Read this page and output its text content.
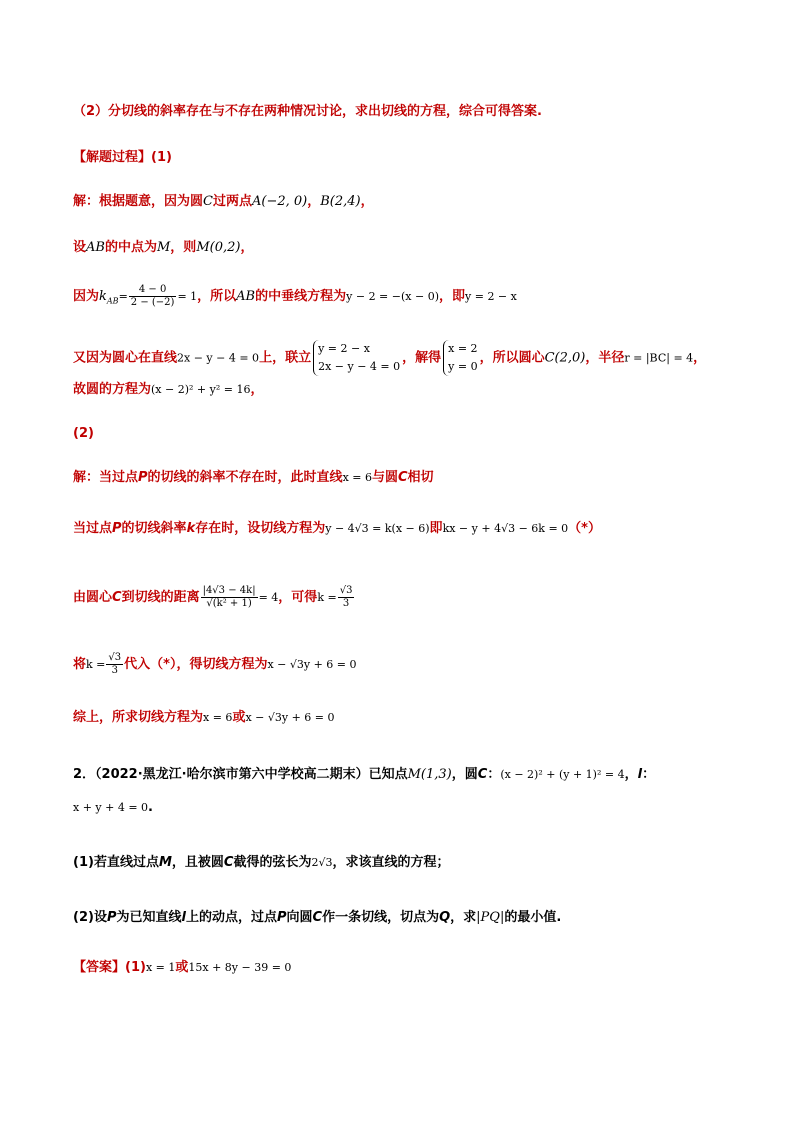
（2）分切线的斜率存在与不存在两种情况讨论，求出切线的方程，综合可得答案.
【解题过程】(1)
解：根据题意，因为圆C过两点A(−2, 0)，B(2,4)，
设AB的中点为M，则M(0,2)，
因为$k_{AB}= \frac{4 - 0}{2 - (-2)} = 1$，所以AB的中垂线方程为y − 2 = −(x − 0)，即y = 2 − x
又因为圆心在直线2x − y − 4 = 0上，联立
y = 2 − x
2x − y − 4 = 0
，解得
x = 2
y = 0
，所以圆心C(2,0)，半径r = |BC| = 4，
故圆的方程为(x − 2)² + y² = 16，
(2)
解：当过点P的切线的斜率不存在时，此时直线x = 6与圆C相切
当过点P的切线斜率k存在时，设切线方程为y − 4√3 = k(x − 6)即kx − y + 4√3 − 6k = 0（*）
由圆心C到切线的距离 $\frac{|4√3 - 4k|}{\text{√(k² + 1)}} = 4$，可得$k = \frac{√3}{3}$
将$k = \frac{√3}{3}$ 代入（*），得切线方程为x − √3y + 6 = 0
综上，所求切线方程为x = 6或x − √3y + 6 = 0
2．（2022·黑龙江·哈尔滨市第六中学校高二期末）已知点M(1,3)，圆C：(x − 2)² + (y + 1)² = 4，l：
x + y + 4 = 0.
(1)若直线过点M，且被圆C截得的弦长为2√3，求该直线的方程；
(2)设P为已知直线l上的动点，过点P向圆C作一条切线，切点为Q，求|PQ|的最小值.
【答案】(1)x = 1或15x + 8y − 39 = 0
